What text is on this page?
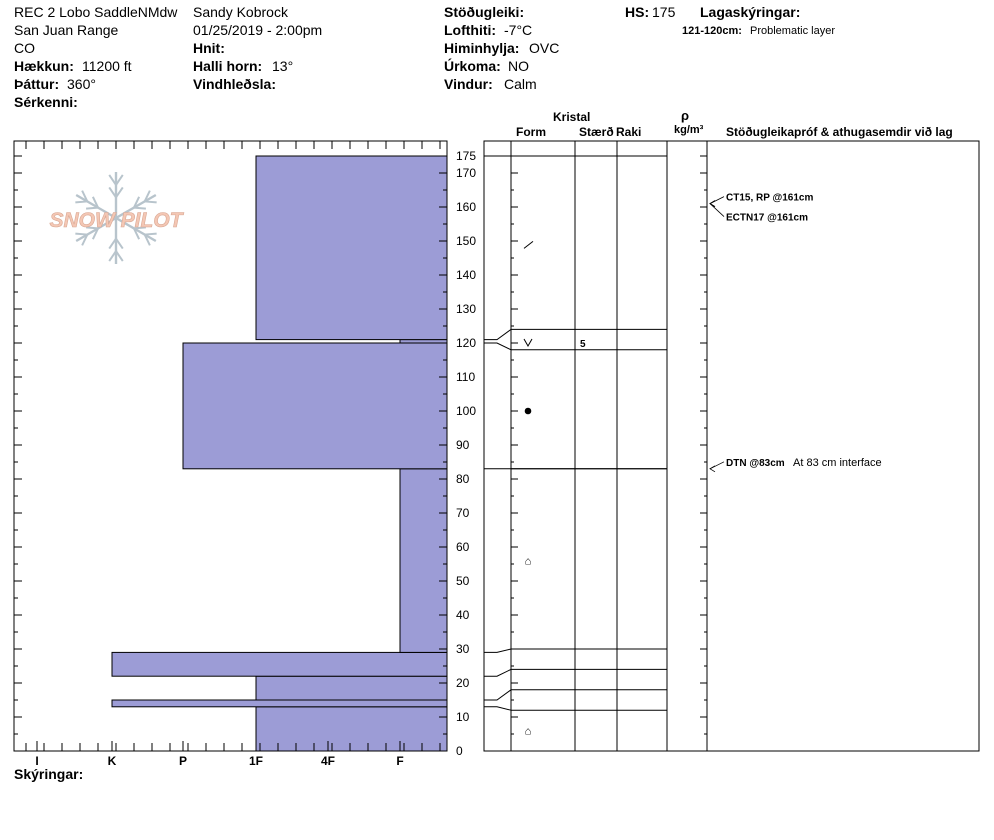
REC 2 Lobo SaddleNMdw
San Juan Range
CO
Hækkun: 11200 ft
Þáttur: 360°
Sérkenni:
Sandy Kobrock
01/25/2019 - 2:00pm
Hnit:
Halli horn: 13°
Vindhleðsla:
Stöðugleiki:
Lofthiti: -7°C
Himinhylja: OVC
Úrkoma: NO
Vindur: Calm
HS: 175 Lagaskýringar:
121-120cm: Problematic layer
Kristal
Form	Stærð Raki
ρ
kg/m³ Stöðugleikapróf & athugasemdir við lag
0
10
20
30
40
50
60
70
80
90
100
110
120
130
140
150
160
170
175
I	K	P	1F	4F	F
⌂
⌂
5
CT15, RP @161cm
ECTN17 @161cm
DTN @83cm At 83 cm interface
SNOW PILOT
Skýringar:
